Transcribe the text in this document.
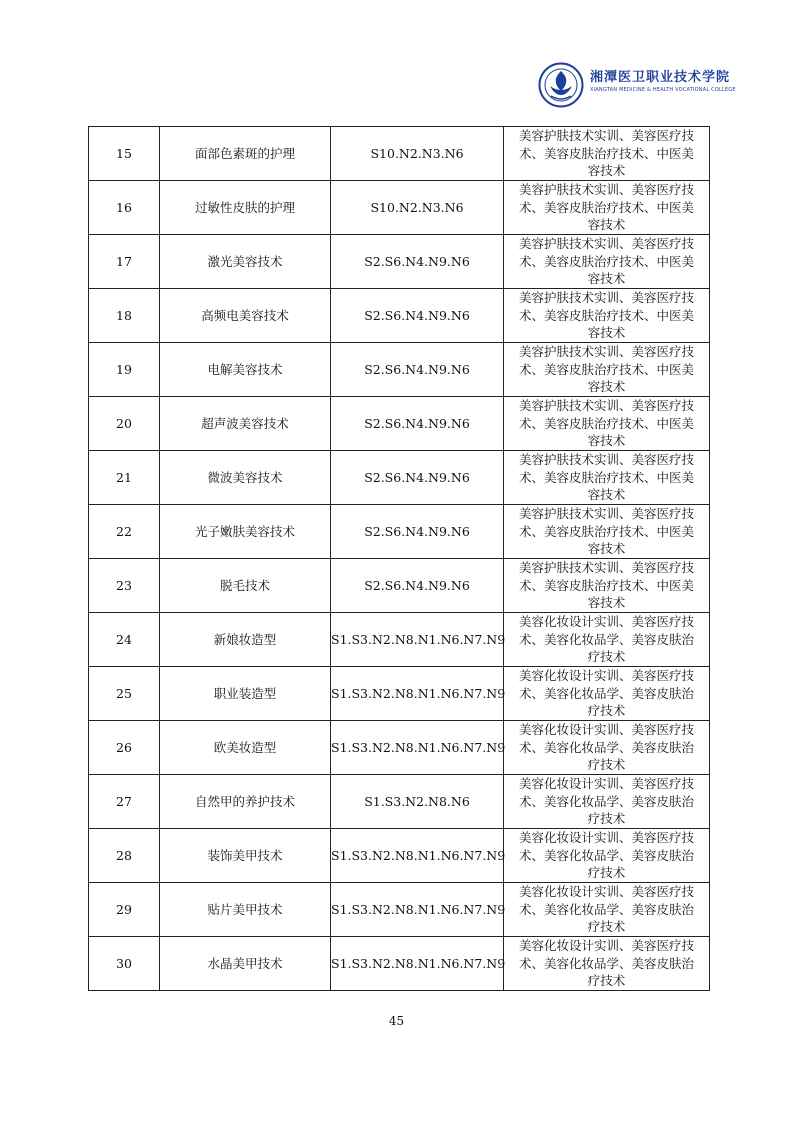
湘潭医卫职业技术学院
XIANGTAN MEDICINE & HEALTH VOCATIONAL COLLEGE
15	面部色素斑的护理	S10.N2.N3.N6	美容护肤技术实训、美容医疗技
术、美容皮肤治疗技术、中医美
容技术

16	过敏性皮肤的护理	S10.N2.N3.N6	美容护肤技术实训、美容医疗技
术、美容皮肤治疗技术、中医美
容技术

17	激光美容技术	S2.S6.N4.N9.N6	美容护肤技术实训、美容医疗技
术、美容皮肤治疗技术、中医美
容技术

18	高频电美容技术	S2.S6.N4.N9.N6	美容护肤技术实训、美容医疗技
术、美容皮肤治疗技术、中医美
容技术

19	电解美容技术	S2.S6.N4.N9.N6	美容护肤技术实训、美容医疗技
术、美容皮肤治疗技术、中医美
容技术

20	超声波美容技术	S2.S6.N4.N9.N6	美容护肤技术实训、美容医疗技
术、美容皮肤治疗技术、中医美
容技术

21	微波美容技术	S2.S6.N4.N9.N6	美容护肤技术实训、美容医疗技
术、美容皮肤治疗技术、中医美
容技术

22	光子嫩肤美容技术	S2.S6.N4.N9.N6	美容护肤技术实训、美容医疗技
术、美容皮肤治疗技术、中医美
容技术

23	脱毛技术	S2.S6.N4.N9.N6	美容护肤技术实训、美容医疗技
术、美容皮肤治疗技术、中医美
容技术

24	新娘妆造型	S1.S3.N2.N8.N1.N6.N7.N9	美容化妆设计实训、美容医疗技
术、美容化妆品学、美容皮肤治
疗技术

25	职业装造型	S1.S3.N2.N8.N1.N6.N7.N9	美容化妆设计实训、美容医疗技
术、美容化妆品学、美容皮肤治
疗技术

26	欧美妆造型	S1.S3.N2.N8.N1.N6.N7.N9	美容化妆设计实训、美容医疗技
术、美容化妆品学、美容皮肤治
疗技术

27	自然甲的养护技术	S1.S3.N2.N8.N6	美容化妆设计实训、美容医疗技
术、美容化妆品学、美容皮肤治
疗技术

28	装饰美甲技术	S1.S3.N2.N8.N1.N6.N7.N9	美容化妆设计实训、美容医疗技
术、美容化妆品学、美容皮肤治
疗技术

29	贴片美甲技术	S1.S3.N2.N8.N1.N6.N7.N9	美容化妆设计实训、美容医疗技
术、美容化妆品学、美容皮肤治
疗技术

30	水晶美甲技术	S1.S3.N2.N8.N1.N6.N7.N9	美容化妆设计实训、美容医疗技
术、美容化妆品学、美容皮肤治
疗技术
45
